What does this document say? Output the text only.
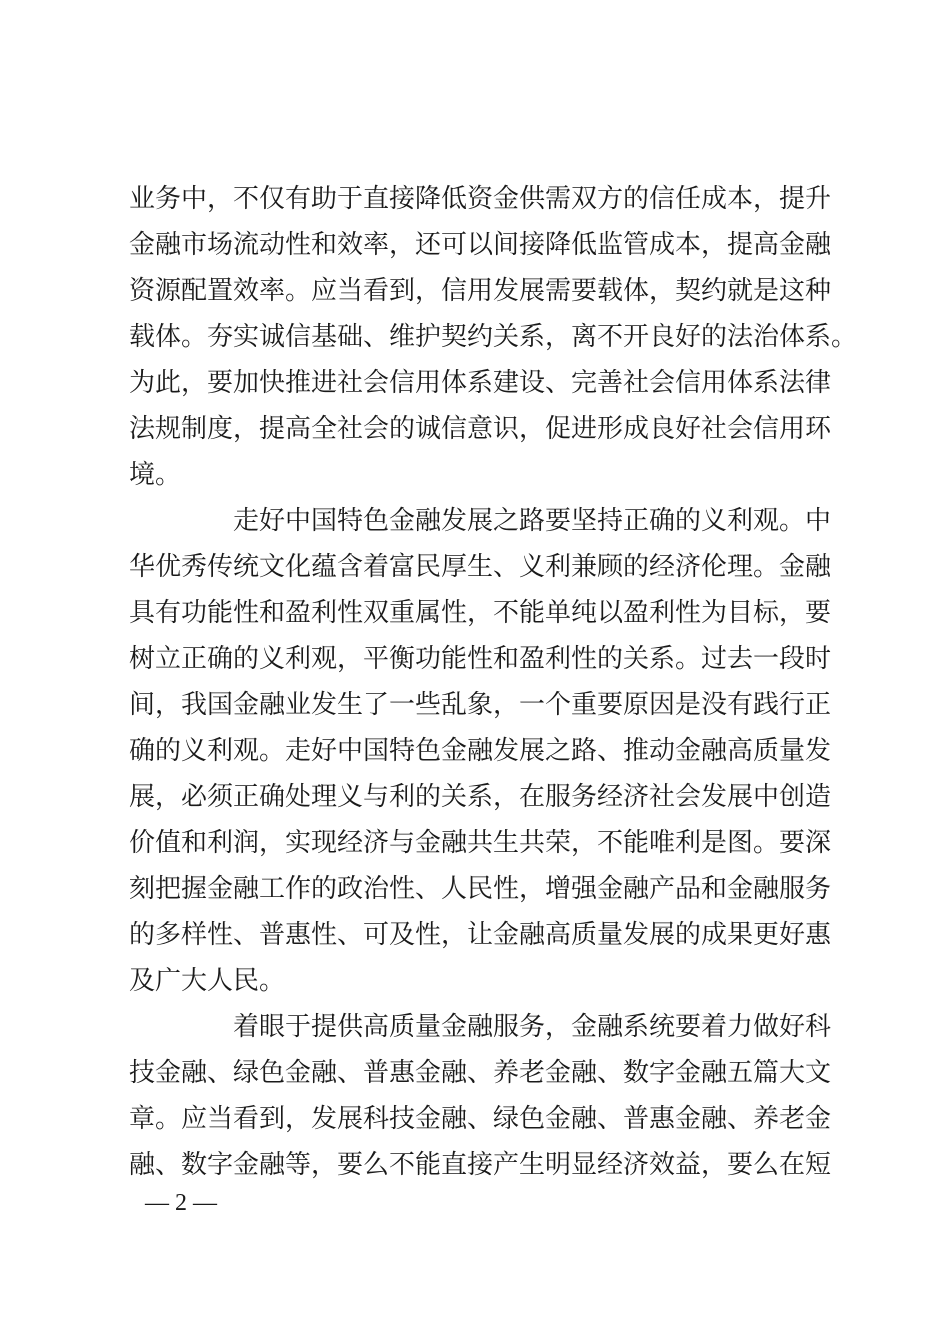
业务中，不仅有助于直接降低资金供需双方的信任成本，提升
金融市场流动性和效率，还可以间接降低监管成本，提高金融
资源配置效率。应当看到，信用发展需要载体，契约就是这种
载体。夯实诚信基础、维护契约关系，离不开良好的法治体系。
为此，要加快推进社会信用体系建设、完善社会信用体系法律
法规制度，提高全社会的诚信意识，促进形成良好社会信用环
境。
走好中国特色金融发展之路要坚持正确的义利观。中
华优秀传统文化蕴含着富民厚生、义利兼顾的经济伦理。金融
具有功能性和盈利性双重属性，不能单纯以盈利性为目标，要
树立正确的义利观，平衡功能性和盈利性的关系。过去一段时
间，我国金融业发生了一些乱象，一个重要原因是没有践行正
确的义利观。走好中国特色金融发展之路、推动金融高质量发
展，必须正确处理义与利的关系，在服务经济社会发展中创造
价值和利润，实现经济与金融共生共荣，不能唯利是图。要深
刻把握金融工作的政治性、人民性，增强金融产品和金融服务
的多样性、普惠性、可及性，让金融高质量发展的成果更好惠
及广大人民。
着眼于提供高质量金融服务，金融系统要着力做好科
技金融、绿色金融、普惠金融、养老金融、数字金融五篇大文
章。应当看到，发展科技金融、绿色金融、普惠金融、养老金
融、数字金融等，要么不能直接产生明显经济效益，要么在短
— 2 —
